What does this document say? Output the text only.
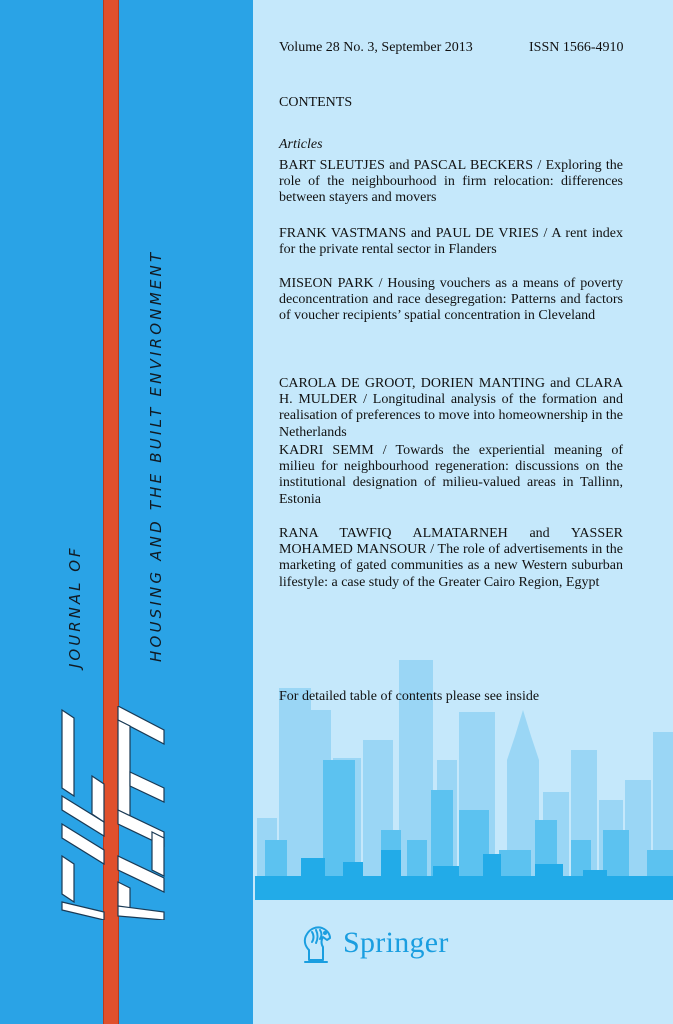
JOURNAL OF	HOUSING AND THE BUILT ENVIRONMENT
Volume 28 No. 3, September 2013	ISSN 1566-4910
CONTENTS
Articles
BART SLEUTJES and PASCAL BECKERS / Exploring the role of the neighbourhood in firm relocation: differences between stayers and movers
FRANK VASTMANS and PAUL DE VRIES / A rent index for the private rental sector in Flanders
MISEON PARK / Housing vouchers as a means of poverty deconcentration and race desegregation: Patterns and factors of voucher recipients’ spatial concentration in Cleveland
CAROLA DE GROOT, DORIEN MANTING and CLARA H. MULDER / Longitudinal analysis of the formation and realisation of preferences to move into homeownership in the Netherlands
KADRI SEMM / Towards the experiential meaning of milieu for neighbourhood regeneration: discussions on the institutional designation of milieu-valued areas in Tallinn, Estonia
RANA TAWFIQ ALMATARNEH and YASSER MOHAMED MANSOUR / The role of advertisements in the marketing of gated communities as a new Western suburban lifestyle: a case study of the Greater Cairo Region, Egypt
For detailed table of contents please see inside
Springer
